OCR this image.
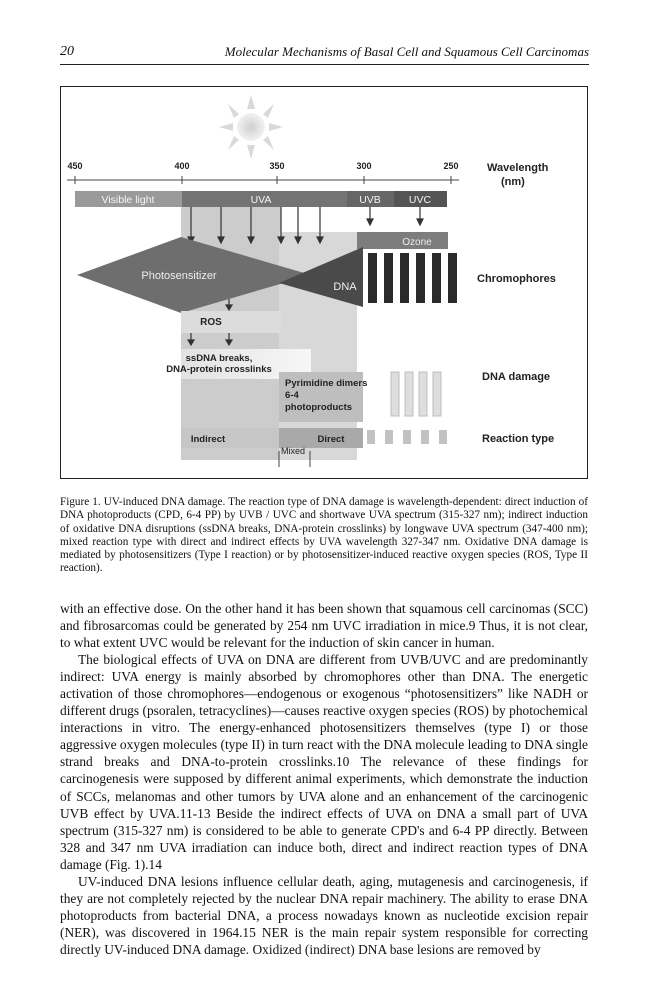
20	Molecular Mechanisms of Basal Cell and Squamous Cell Carcinomas
450	400	350	300	250	Wavelength
(nm)
Visible light	UVA	UVB	UVC
Ozone
Photosensitizer
DNA
Chromophores
ROS
ssDNA breaks,
DNA-protein crosslinks
Pyrimidine dimers
6-4
photoproducts
DNA damage
Indirect	Direct
Mixed
Reaction type

Figure 1. UV-induced DNA damage. The reaction type of DNA damage is wavelength-dependent: direct induction of DNA photoproducts (CPD, 6-4 PP) by UVB / UVC and shortwave UVA spectrum (315-327 nm); indirect induction of oxidative DNA disruptions (ssDNA breaks, DNA-protein crosslinks) by longwave UVA spectrum (347-400 nm); mixed reaction type with direct and indirect effects by UVA wavelength 327-347 nm. Oxidative DNA damage is mediated by photosensitizers (Type I reaction) or by photosensitizer-induced reactive oxygen species (ROS, Type II reaction).

with an effective dose. On the other hand it has been shown that squamous cell carcinomas (SCC) and fibrosarcomas could be generated by 254 nm UVC irradiation in mice.9 Thus, it is not clear, to what extent UVC would be relevant for the induction of skin cancer in human.

The biological effects of UVA on DNA are different from UVB/UVC and are predominantly indirect: UVA energy is mainly absorbed by chromophores other than DNA. The energetic activation of those chromophores—endogenous or exogenous “photosensitizers” like NADH or different drugs (psoralen, tetracyclines)—causes reactive oxygen species (ROS) by photochemical interactions in vitro. The energy-enhanced photosensitizers themselves (type I) or those aggressive oxygen molecules (type II) in turn react with the DNA molecule leading to DNA single strand breaks and DNA-to-protein crosslinks.10 The relevance of these findings for carcinogenesis were supposed by different animal experiments, which demonstrate the induction of SCCs, melanomas and other tumors by UVA alone and an enhancement of the carcinogenic UVB effect by UVA.11-13 Beside the indirect effects of UVA on DNA a small part of UVA spectrum (315-327 nm) is considered to be able to generate CPD's and 6-4 PP directly. Between 328 and 347 nm UVA irradiation can induce both, direct and indirect reaction types of DNA damage (Fig. 1).14

UV-induced DNA lesions influence cellular death, aging, mutagenesis and carcinogenesis, if they are not completely rejected by the nuclear DNA repair machinery. The ability to erase DNA photoproducts from bacterial DNA, a process nowadays known as nucleotide excision repair (NER), was discovered in 1964.15 NER is the main repair system responsible for correcting directly UV-induced DNA damage. Oxidized (indirect) DNA base lesions are removed by
